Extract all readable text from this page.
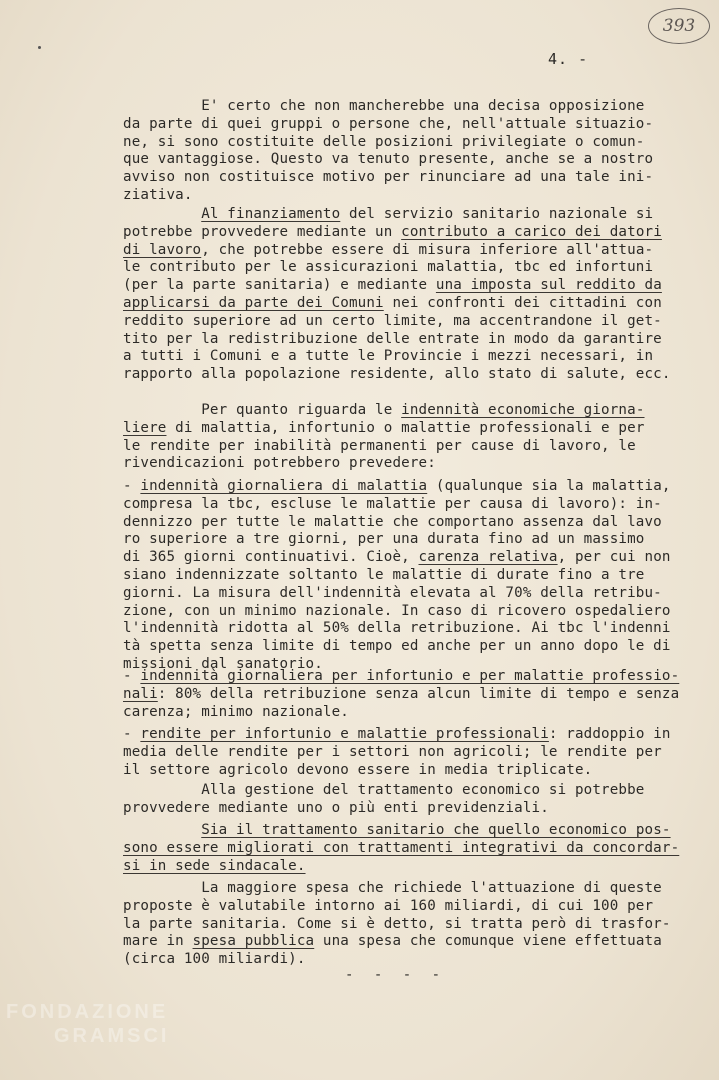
393
4. -
E' certo che non mancherebbe una decisa opposizione
da parte di quei gruppi o persone che, nell'attuale situazio-
ne, si sono costituite delle posizioni privilegiate o comun-
que vantaggiose. Questo va tenuto presente, anche se a nostro
avviso non costituisce motivo per rinunciare ad una tale ini-
ziativa.
Al finanziamento del servizio sanitario nazionale si
potrebbe provvedere mediante un contributo a carico dei datori
di lavoro, che potrebbe essere di misura inferiore all'attua-
le contributo per le assicurazioni malattia, tbc ed infortuni
(per la parte sanitaria) e mediante una imposta sul reddito da
applicarsi da parte dei Comuni nei confronti dei cittadini con
reddito superiore ad un certo limite, ma accentrandone il get-
tito per la redistribuzione delle entrate in modo da garantire
a tutti i Comuni e a tutte le Provincie i mezzi necessari, in
rapporto alla popolazione residente, allo stato di salute, ecc.
Per quanto riguarda le indennità economiche giorna-
liere di malattia, infortunio o malattie professionali e per
le rendite per inabilità permanenti per cause di lavoro, le
rivendicazioni potrebbero prevedere:
- indennità giornaliera di malattia (qualunque sia la malattia,
compresa la tbc, escluse le malattie per causa di lavoro): in-
dennizzo per tutte le malattie che comportano assenza dal lavo
ro superiore a tre giorni, per una durata fino ad un massimo
di 365 giorni continuativi. Cioè, carenza relativa, per cui non
siano indennizzate soltanto le malattie di durate fino a tre
giorni. La misura dell'indennità elevata al 70% della retribu-
zione, con un minimo nazionale. In caso di ricovero ospedaliero
l'indennità ridotta al 50% della retribuzione. Ai tbc l'indenni
tà spetta senza limite di tempo ed anche per un anno dopo le di
missioni dal sanatorio.
- indennità giornaliera per infortunio e per malattie professio-
nali: 80% della retribuzione senza alcun limite di tempo e senza
carenza; minimo nazionale.
- rendite per infortunio e malattie professionali: raddoppio in
media delle rendite per i settori non agricoli; le rendite per
il settore agricolo devono essere in media triplicate.
Alla gestione del trattamento economico si potrebbe
provvedere mediante uno o più enti previdenziali.
Sia il trattamento sanitario che quello economico pos-
sono essere migliorati con trattamenti integrativi da concordar-
si in sede sindacale.
La maggiore spesa che richiede l'attuazione di queste
proposte è valutabile intorno ai 160 miliardi, di cui 100 per
la parte sanitaria. Come si è detto, si tratta però di trasfor-
mare in spesa pubblica una spesa che comunque viene effettuata
(circa 100 miliardi).
- - - -
FONDAZIONE
GRAMSCI
